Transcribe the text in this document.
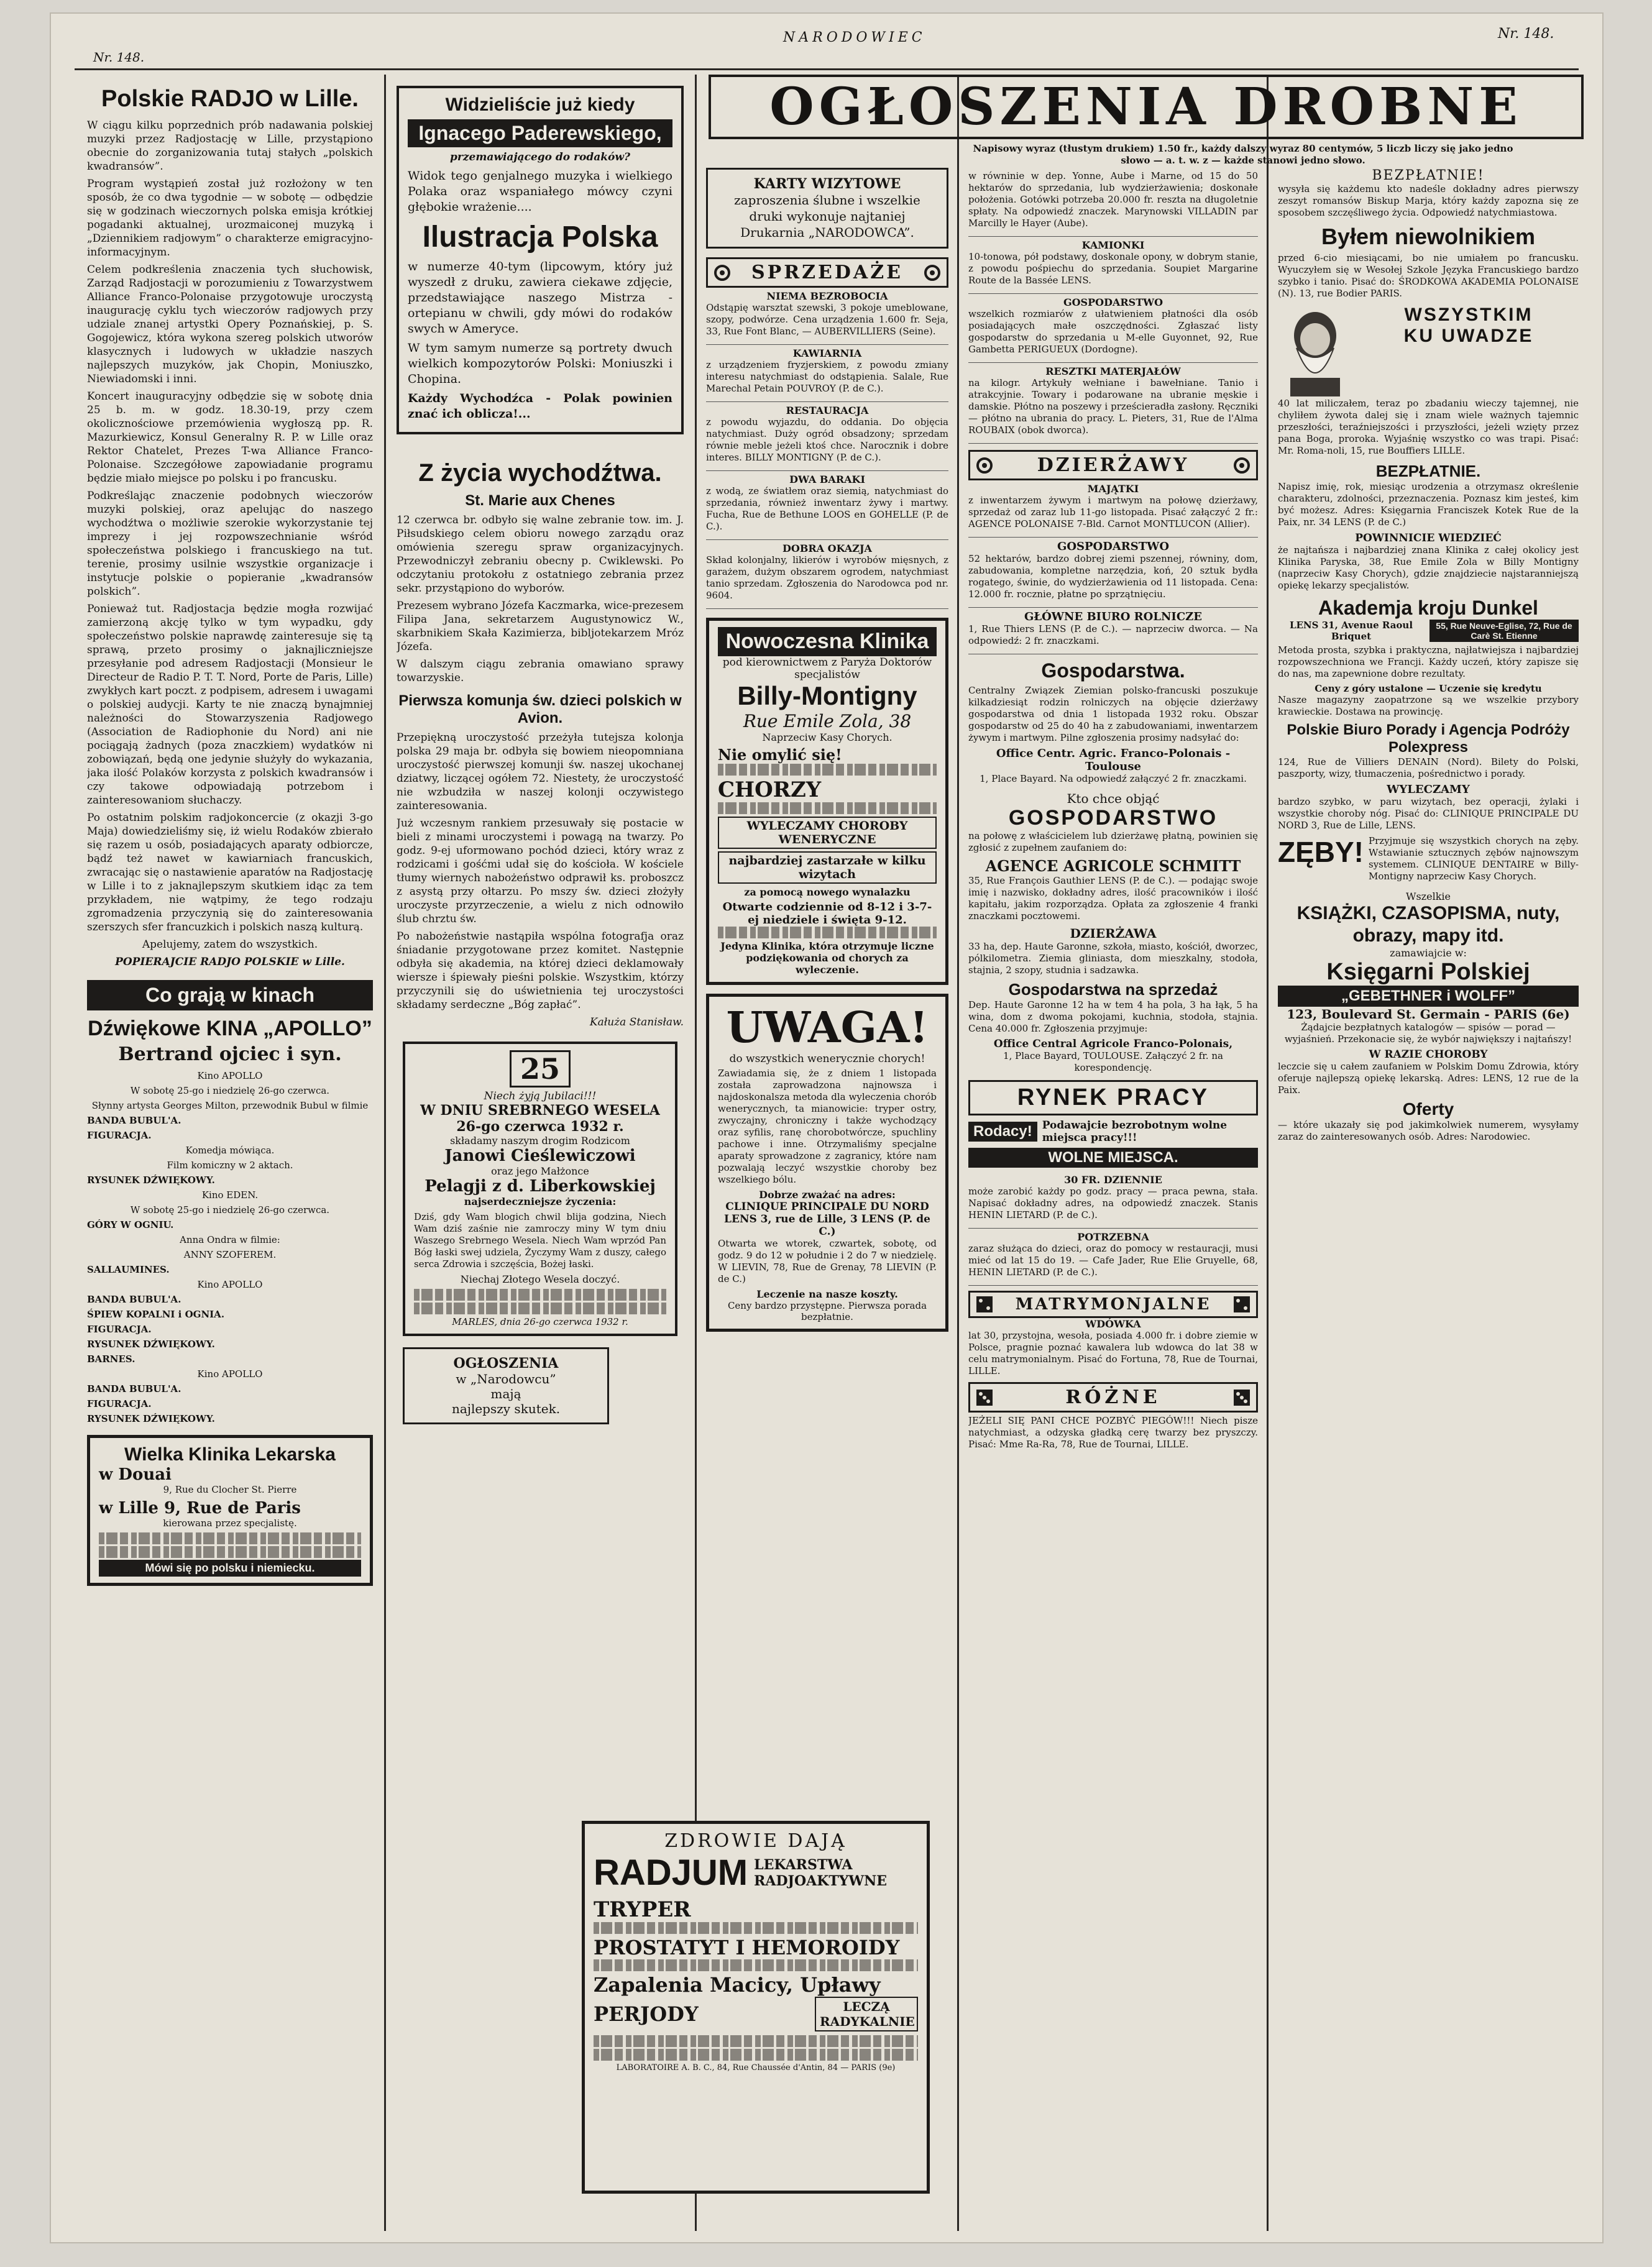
Nr. 148.
NARODOWIEC	Nr. 148.
Polskie RADJO w Lille.

W ciągu kilku poprzednich prób nadawania polskiej muzyki przez Radjostację w Lille, przystąpiono obecnie do zorganizowania tutaj stałych „polskich kwadransów”.

Program wystąpień został już rozłożony w ten sposób, że co dwa tygodnie — w sobotę — odbędzie się w godzinach wieczornych polska emisja krótkiej pogadanki aktualnej, urozmaiconej muzyką i „Dziennikiem radjowym” o charakterze emigracyjno-informacyjnym.

Celem podkreślenia znaczenia tych słuchowisk, Zarząd Radjostacji w porozumieniu z Towarzystwem Alliance Franco-Polonaise przygotowuje uroczystą inaugurację cyklu tych wieczorów radjowych przy udziale znanej artystki Opery Poznańskiej, p. S. Gogojewicz, która wykona szereg polskich utworów klasycznych i ludowych w układzie naszych najlepszych muzyków, jak Chopin, Moniuszko, Niewiadomski i inni.

Koncert inauguracyjny odbędzie się w sobotę dnia 25 b. m. w godz. 18.30-19, przy czem okolicznościowe przemówienia wygłoszą pp. R. Mazurkiewicz, Konsul Generalny R. P. w Lille oraz Rektor Chatelet, Prezes T-wa Alliance Franco-Polonaise. Szczegółowe zapowiadanie programu będzie miało miejsce po polsku i po francusku.

Podkreślając znaczenie podobnych wieczorów muzyki polskiej, oraz apelując do naszego wychodźtwa o możliwie szerokie wykorzystanie tej imprezy i jej rozpowszechnianie wśród społeczeństwa polskiego i francuskiego na tut. terenie, prosimy usilnie wszystkie organizacje i instytucje polskie o popieranie „kwadransów polskich”.

Ponieważ tut. Radjostacja będzie mogła rozwijać zamierzoną akcję tylko w tym wypadku, gdy społeczeństwo polskie naprawdę zainteresuje się tą sprawą, przeto prosimy o jaknajliczniejsze przesyłanie pod adresem Radjostacji (Monsieur le Directeur de Radio P. T. T. Nord, Porte de Paris, Lille) zwykłych kart poczt. z podpisem, adresem i uwagami o polskiej audycji. Karty te nie znaczą bynajmniej należności do Stowarzyszenia Radjowego (Association de Radiophonie du Nord) ani nie pociągają żadnych (poza znaczkiem) wydatków ni zobowiązań, będą one jedynie służyły do wykazania, jaka ilość Polaków korzysta z polskich kwadransów i czy takowe odpowiadają potrzebom i zainteresowaniom słuchaczy.

Po ostatnim polskim radjokoncercie (z okazji 3-go Maja) dowiedzieliśmy się, iż wielu Rodaków zbierało się razem u osób, posiadających aparaty odbiorcze, bądź też nawet w kawiarniach francuskich, zwracając się o nastawienie aparatów na Radjostację w Lille i to z jaknajlepszym skutkiem idąc za tem przykładem, nie wątpimy, że tego rodzaju zgromadzenia przyczynią się do zainteresowania szerszych sfer francuzkich i polskich naszą kulturą.

Apelujemy, zatem do wszystkich.

POPIERAJCIE RADJO POLSKIE w Lille.

Co grają w kinach
Dźwiękowe KINA „APOLLO”
Bertrand ojciec i syn.
Kino APOLLO
W sobotę 25-go i niedzielę 26-go czerwca.
Słynny artysta Georges Milton, przewodnik Bubul w filmie
BANDA BUBUL'A.
FIGURACJA.
Komedja mówiąca.
Film komiczny w 2 aktach.
RYSUNEK DŹWIĘKOWY.
Kino EDEN.
W sobotę 25-go i niedzielę 26-go czerwca.
GÓRY W OGNIU.
Anna Ondra w filmie:
ANNY SZOFEREM.
SALLAUMINES.
Kino APOLLO
BANDA BUBUL'A.
ŚPIEW KOPALNI i OGNIA.
FIGURACJA.
RYSUNEK DŹWIĘKOWY.
BARNES.
Kino APOLLO
BANDA BUBUL'A.
FIGURACJA.
RYSUNEK DŹWIĘKOWY.
Wielka Klinika Lekarska
w Douai
9, Rue du Clocher St. Pierre
w Lille 9, Rue de Paris
kierowana przez specjalistę.
Mówi się po polsku i niemiecku.
Widzieliście już kiedy
Ignacego Paderewskiego,
przemawiającego do rodaków?

Widok tego genjalnego muzyka i wielkiego Polaka oraz wspaniałego mówcy czyni głębokie wrażenie....

Ilustracja Polska

w numerze 40-tym (lipcowym, który już wyszedł z druku, zawiera ciekawe zdjęcie, przedstawiające naszego Mistrza - ortepianu w chwili, gdy mówi do rodaków swych w Ameryce.

W tym samym numerze są portrety dwuch wielkich kompozytorów Polski: Moniuszki i Chopina.

Każdy Wychodźca - Polak powinien znać ich oblicza!...

Z życia wychodźtwa.
St. Marie aux Chenes

12 czerwca br. odbyło się walne zebranie tow. im. J. Piłsudskiego celem obioru nowego zarządu oraz omówienia szeregu spraw organizacyjnych. Przewodniczył zebraniu obecny p. Cwiklewski. Po odczytaniu protokołu z ostatniego zebrania przez sekr. przystąpiono do wyborów.

Prezesem wybrano Józefa Kaczmarka, wice-prezesem Filipa Jana, sekretarzem Augustynowicz W., skarbnikiem Skała Kazimierza, bibljotekarzem Mróz Józefa.

W dalszym ciągu zebrania omawiano sprawy towarzyskie.

Pierwsza komunja św. dzieci polskich w Avion.

Przepiękną uroczystość przeżyła tutejsza kolonja polska 29 maja br. odbyła się bowiem nieopomniana uroczystość pierwszej komunji św. naszej ukochanej dziatwy, liczącej ogółem 72. Niestety, że uroczystość nie wzbudziła w naszej kolonji oczywistego zainteresowania.

Już wczesnym rankiem przesuwały się postacie w bieli z minami uroczystemi i powagą na twarzy. Po godz. 9-ej uformowano pochód dzieci, który wraz z rodzicami i gośćmi udał się do kościoła. W kościele tłumy wiernych nabożeństwo odprawił ks. proboszcz z asystą przy ołtarzu. Po mszy św. dzieci złożyły uroczyste przyrzeczenie, a wielu z nich odnowiło ślub chrztu św.

Po nabożeństwie nastąpiła wspólna fotografja oraz śniadanie przygotowane przez komitet. Następnie odbyła się akademia, na której dzieci deklamowały wiersze i śpiewały pieśni polskie. Wszystkim, którzy przyczynili się do uświetnienia tej uroczystości składamy serdeczne „Bóg zapłać”.

Kałuża Stanisław.

25
Niech żyją Jubilaci!!!
W DNIU SREBRNEGO WESELA
26-go czerwca 1932 r.
składamy naszym drogim Rodzicom
Janowi Cieślewiczowi
oraz jego Małżonce
Pelagji z d. Liberkowskiej
najserdeczniejsze życzenia:

Dziś, gdy Wam blogich chwil blija godzina, Niech Wam dziś zaśnie nie zamroczy miny W tym dniu Waszego Srebrnego Wesela. Niech Wam wprzód Pan Bóg łaski swej udziela, Życzymy Wam z duszy, całego serca Zdrowia i szczęścia, Bożej łaski.

Niechaj Złotego Wesela doczyć.
MARLES, dnia 26-go czerwca 1932 r.
OGŁOSZENIA
w „Narodowcu”
mają
najlepszy skutek.
OGŁOSZENIA DROBNE
Napisowy wyraz (tłustym drukiem) 1.50 fr., każdy dalszy wyraz 80 centymów, 5 liczb liczy się jako jedno słowo — a. t. w. z — każde stanowi jedno słowo.
KARTY WIZYTOWE
zaproszenia ślubne i wszelkie druki wykonuje najtaniej Drukarnia „NARODOWCA”.
SPRZEDAŻE
NIEMA BEZROBOCIA
Odstąpię warsztat szewski, 3 pokoje umeblowane, szopy, podwórze. Cena urządzenia 1.600 fr. Seja, 33, Rue Font Blanc, — AUBERVILLIERS (Seine).
KAWIARNIA
z urządzeniem fryzjerskiem, z powodu zmiany interesu natychmiast do odstąpienia. Salale, Rue Marechal Petain POUVROY (P. de C.).
RESTAURACJA
z powodu wyjazdu, do oddania. Do objęcia natychmiast. Duży ogród obsadzony; sprzedam równie meble jeżeli ktoś chce. Narocznik i dobre interes. BILLY MONTIGNY (P. de C.).
DWA BARAKI
z wodą, ze światłem oraz siemią, natychmiast do sprzedania, również inwentarz żywy i martwy. Fucha, Rue de Bethune LOOS en GOHELLE (P. de C.).
DOBRA OKAZJA
Skład kolonjalny, likierów i wyrobów mięsnych, z garażem, dużym obszarem ogrodem, natychmiast tanio sprzedam. Zgłoszenia do Narodowca pod nr. 9604.
Nowoczesna Klinika
pod kierownictwem z Paryża Doktorów specjalistów
Billy-Montigny
Rue Emile Zola, 38
Naprzeciw Kasy Chorych.
Nie omylić się!
CHORZY
WYLECZAMY CHOROBY WENERYCZNE
najbardziej zastarzałe w kilku wizytach
za pomocą nowego wynalazku
Otwarte codziennie od 8-12 i 3-7-ej niedziele i święta 9-12.
Jedyna Klinika, która otrzymuje liczne podziękowania od chorych za wyleczenie.
UWAGA!
do wszystkich wenerycznie chorych!

Zawiadamia się, że z dniem 1 listopada została zaprowadzona najnowsza i najdoskonalsza metoda dla wyleczenia chorób wenerycznych, ta mianowicie: tryper ostry, zwyczajny, chroniczny i także wychodzący oraz syfilis, ranę chorobotwórcze, spuchliny pachowe i inne. Otrzymaliśmy specjalne aparaty sprowadzone z zagranicy, które nam pozwalają leczyć wszystkie choroby bez wszelkiego bólu.

Dobrze zważać na adres:
CLINIQUE PRINCIPALE DU NORD LENS 3, rue de Lille, 3 LENS (P. de C.)

Otwarta we wtorek, czwartek, sobotę, od godz. 9 do 12 w południe i 2 do 7 w niedzielę. W LIEVIN, 78, Rue de Grenay, 78 LIEVIN (P. de C.)

Leczenie na nasze koszty.
Ceny bardzo przystępne. Pierwsza porada bezpłatnie.
ZDROWIE DAJĄ
RADJUM LEKARSTWA RADJOAKTYWNE
TRYPER
PROSTATYT I HEMOROIDY
Zapalenia Macicy, Upławy
PERJODY	LECZĄ RADYKALNIE
LABORATOIRE A. B. C., 84, Rue Chaussée d'Antin, 84 — PARIS (9e)
w równinie w dep. Yonne, Aube i Marne, od 15 do 50 hektarów do sprzedania, lub wydzierżawienia; doskonałe położenia. Gotówki potrzeba 20.000 fr. reszta na długoletnie spłaty. Na odpowiedź znaczek. Marynowski VILLADIN par Marcilly le Hayer (Aube).
KAMIONKI
10-tonowa, pół podstawy, doskonale opony, w dobrym stanie, z powodu pośpiechu do sprzedania. Soupiet Margarine Route de la Bassée LENS.
GOSPODARSTWO
wszelkich rozmiarów z ułatwieniem płatności dla osób posiadających małe oszczędności. Zgłaszać listy gospodarstw do sprzedania u M-elle Guyonnet, 92, Rue Gambetta PERIGUEUX (Dordogne).
RESZTKI MATERJAŁÓW
na kilogr. Artykuły wełniane i bawełniane. Tanio i atrakcyjnie. Towary i podarowane na ubranie męskie i damskie. Płótno na poszewy i prześcieradła zasłony. Ręczniki — płótno na ubrania do pracy. L. Pieters, 31, Rue de l'Alma ROUBAIX (obok dworca).
DZIERŻAWY
MAJĄTKI
z inwentarzem żywym i martwym na połowę dzierżawy, sprzedaż od zaraz lub 11-go listopada. Pisać załączyć 2 fr.: AGENCE POLONAISE 7-Bld. Carnot MONTLUCON (Allier).
GOSPODARSTWO
52 hektarów, bardzo dobrej ziemi pszennej, równiny, dom, zabudowania, kompletne narzędzia, koń, 20 sztuk bydła rogatego, świnie, do wydzierżawienia od 11 listopada. Cena: 12.000 fr. rocznie, płatne po sprzątnięciu.
GŁÓWNE BIURO ROLNICZE
1, Rue Thiers LENS (P. de C.). — naprzeciw dworca. — Na odpowiedź: 2 fr. znaczkami.
Gospodarstwa.

Centralny Związek Ziemian polsko-francuski poszukuje kilkadziesiąt rodzin rolniczych na objęcie dzierżawy gospodarstwa od dnia 1 listopada 1932 roku. Obszar gospodarstw od 25 do 40 ha z zabudowaniami, inwentarzem żywym i martwym. Pilne zgłoszenia prosimy nadsyłać do:

Office Centr. Agric. Franco-Polonais - Toulouse
1, Place Bayard. Na odpowiedź załączyć 2 fr. znaczkami.
Kto chce objąć
GOSPODARSTWO

na połowę z właścicielem lub dzierżawę płatną, powinien się zgłosić z zupełnem zaufaniem do:

AGENCE AGRICOLE SCHMITT

35, Rue François Gauthier LENS (P. de C.). — podając swoje imię i nazwisko, dokładny adres, ilość pracowników i ilość kapitału, jakim rozporządza. Opłata za zgłoszenie 4 franki znaczkami pocztowemi.

DZIERŻAWA

33 ha, dep. Haute Garonne, szkoła, miasto, kościół, dworzec, pólkilometra. Ziemia gliniasta, dom mieszkalny, stodoła, stajnia, 2 szopy, studnia i sadzawka.

Gospodarstwa na sprzedaż

Dep. Haute Garonne 12 ha w tem 4 ha pola, 3 ha łąk, 5 ha wina, dom z dwoma pokojami, kuchnia, stodoła, stajnia. Cena 40.000 fr. Zgłoszenia przyjmuje:

Office Central Agricole Franco-Polonais,
1, Place Bayard, TOULOUSE. Załączyć 2 fr. na korespondencję.
RYNEK PRACY
Rodacy! Podawajcie bezrobotnym wolne miejsca pracy!!!
WOLNE MIEJSCA.
30 FR. DZIENNIE
może zarobić każdy po godz. pracy — praca pewna, stała. Napisać dokładny adres, na odpowiedź znaczek. Stanis HENIN LIETARD (P. de C.).
POTRZEBNA
zaraz służąca do dzieci, oraz do pomocy w restauracji, musi mieć od lat 15 do 19. — Cafe Jader, Rue Elie Gruyelle, 68, HENIN LIETARD (P. de C.).
MATRYMONJALNE
WDÓWKA

lat 30, przystojna, wesoła, posiada 4.000 fr. i dobre ziemie w Polsce, pragnie poznać kawalera lub wdowca do lat 38 w celu matrymonialnym. Pisać do Fortuna, 78, Rue de Tournai, LILLE.

RÓŻNE

JEŻELI SIĘ PANI CHCE POZBYĆ PIEGÓW!!! Niech pisze natychmiast, a odzyska gładką cerę twarzy bez pryszczy. Pisać: Mme Ra-Ra, 78, Rue de Tournai, LILLE.

BEZPŁATNIE!

wysyła się każdemu kto nadeśle dokładny adres pierwszy zeszyt romansów Biskup Marja, który każdy zapozna się ze sposobem szczęśliwego życia. Odpowiedź natychmiastowa.

Byłem niewolnikiem

przed 6-cio miesiącami, bo nie umiałem po francusku. Wyuczyłem się w Wesołej Szkole Języka Francuskiego bardzo szybko i tanio. Pisać do: ŚRODKOWA AKADEMIA POLONAISE (N). 13, rue Bodier PARIS.

WSZYSTKIM
KU UWADZE

40 lat miliczałem, teraz po zbadaniu wieczy tajemnej, nie chyliłem żywota dalej się i znam wiele ważnych tajemnic przeszłości, teraźniejszości i przyszłości, jeżeli wzięty przez pana Boga, proroka. Wyjaśnię wszystko co was trapi. Pisać: Mr. Roma-noli, 15, rue Bouffiers LILLE.

BEZPŁATNIE.

Napisz imię, rok, miesiąc urodzenia a otrzymasz określenie charakteru, zdolności, przeznaczenia. Poznasz kim jesteś, kim być możesz. Adres: Księgarnia Franciszek Kotek Rue de la Paix, nr. 34 LENS (P. de C.)

POWINNICIE WIEDZIEĆ

że najtańsza i najbardziej znana Klinika z całej okolicy jest Klinika Paryska, 38, Rue Emile Zola w Billy Montigny (naprzeciw Kasy Chorych), gdzie znajdziecie najstaranniejszą opiekę lekarzy specjalistów.

Akademja kroju Dunkel
LENS 31, Avenue Raoul Briquet
55, Rue Neuve-Eglise, 72, Rue de Carè St. Etienne

Metoda prosta, szybka i praktyczna, najłatwiejsza i najbardziej rozpowszechniona we Francji. Każdy uczeń, który zapisze się do nas, ma zapewnione dobre rezultaty.

Ceny z góry ustalone — Uczenie się kredytu

Nasze magazyny zaopatrzone są we wszelkie przybory krawieckie. Dostawa na prowincję.

Polskie Biuro Porady i Agencja Podróży Polexpress

124, Rue de Villiers DENAIN (Nord). Bilety do Polski, paszporty, wizy, tłumaczenia, pośrednictwo i porady.

WYLECZAMY

bardzo szybko, w paru wizytach, bez operacji, żylaki i wszystkie choroby nóg. Pisać do: CLINIQUE PRINCIPALE DU NORD 3, Rue de Lille, LENS.

ZĘBY! Przyjmuje się wszystkich chorych na zęby. Wstawianie sztucznych zębów najnowszym systemem. CLINIQUE DENTAIRE w Billy-Montigny naprzeciw Kasy Chorych.
Wszelkie
KSIĄŻKI, CZASOPISMA, nuty, obrazy, mapy itd.
zamawiajcie w:
Księgarni Polskiej
„GEBETHNER i WOLFF”
123, Boulevard St. Germain - PARIS (6e)

Żądajcie bezpłatnych katalogów — spisów — porad — wyjaśnień. Przekonacie się, że wybór największy i najtańszy!

W RAZIE CHOROBY

leczcie się u całem zaufaniem w Polskim Domu Zdrowia, który oferuje najlepszą opiekę lekarską. Adres: LENS, 12 rue de la Paix.

Oferty

— które ukazały się pod jakimkolwiek numerem, wysyłamy zaraz do zainteresowanych osób. Adres: Narodowiec.
